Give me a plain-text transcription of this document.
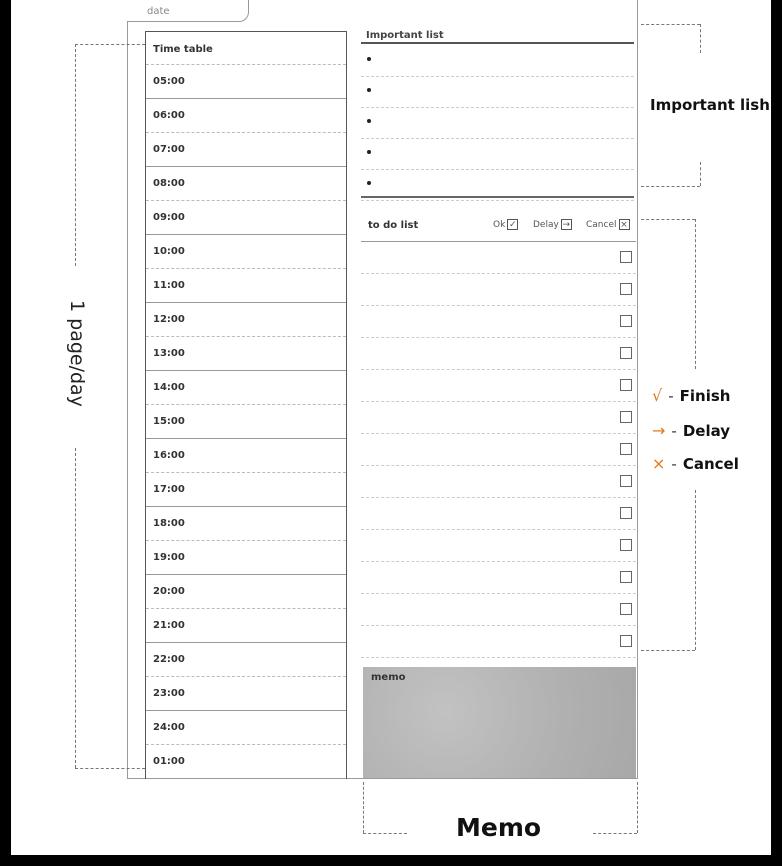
date
Time table
05:00
06:00
07:00
08:00
09:00
10:00
11:00
12:00
13:00
14:00
15:00
16:00
17:00
18:00
19:00
20:00
21:00
22:00
23:00
24:00
01:00
Important list
to do list	Ok ✓ Delay → Cancel ×
memo
1 page/day
Important lish
√ - Finish
→ - Delay
× - Cancel
Memo
